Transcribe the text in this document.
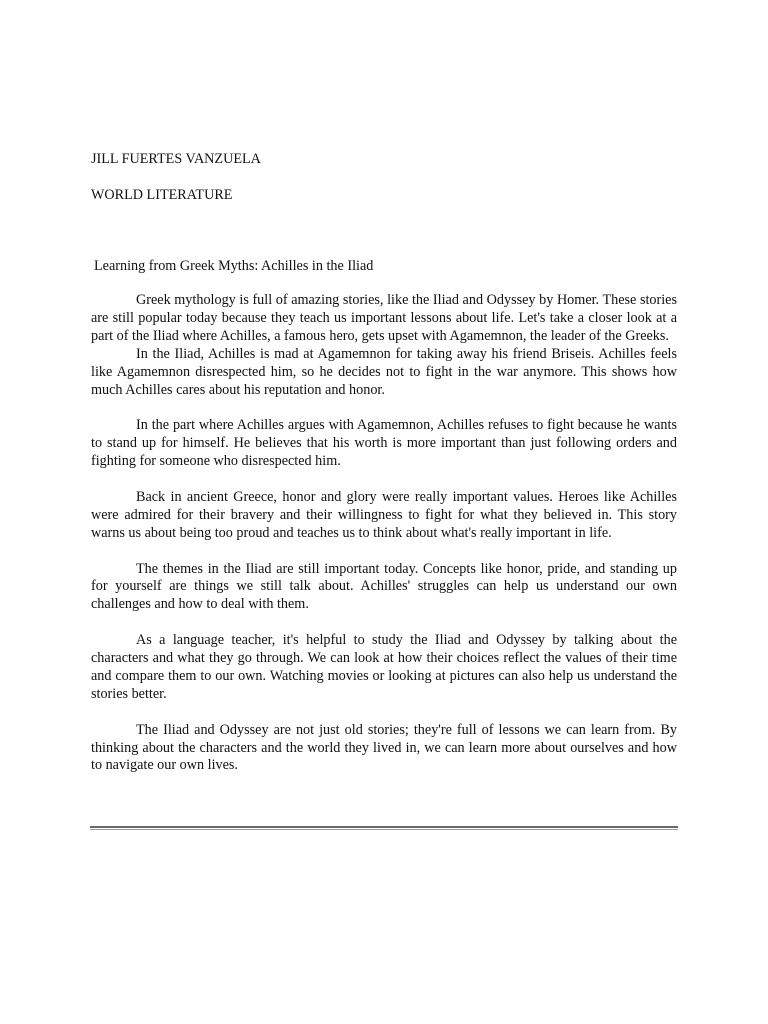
JILL FUERTES VANZUELA
WORLD LITERATURE
Learning from Greek Myths: Achilles in the Iliad

Greek mythology is full of amazing stories, like the Iliad and Odyssey by Homer. These stories are still popular today because they teach us important lessons about life. Let's take a closer look at a part of the Iliad where Achilles, a famous hero, gets upset with Agamemnon, the leader of the Greeks.

In the Iliad, Achilles is mad at Agamemnon for taking away his friend Briseis. Achilles feels like Agamemnon disrespected him, so he decides not to fight in the war anymore. This shows how much Achilles cares about his reputation and honor.

In the part where Achilles argues with Agamemnon, Achilles refuses to fight because he wants to stand up for himself. He believes that his worth is more important than just following orders and fighting for someone who disrespected him.

Back in ancient Greece, honor and glory were really important values. Heroes like Achilles were admired for their bravery and their willingness to fight for what they believed in. This story warns us about being too proud and teaches us to think about what's really important in life.

The themes in the Iliad are still important today. Concepts like honor, pride, and standing up for yourself are things we still talk about. Achilles' struggles can help us understand our own challenges and how to deal with them.

As a language teacher, it's helpful to study the Iliad and Odyssey by talking about the characters and what they go through. We can look at how their choices reflect the values of their time and compare them to our own. Watching movies or looking at pictures can also help us understand the stories better.

The Iliad and Odyssey are not just old stories; they're full of lessons we can learn from. By thinking about the characters and the world they lived in, we can learn more about ourselves and how to navigate our own lives.
